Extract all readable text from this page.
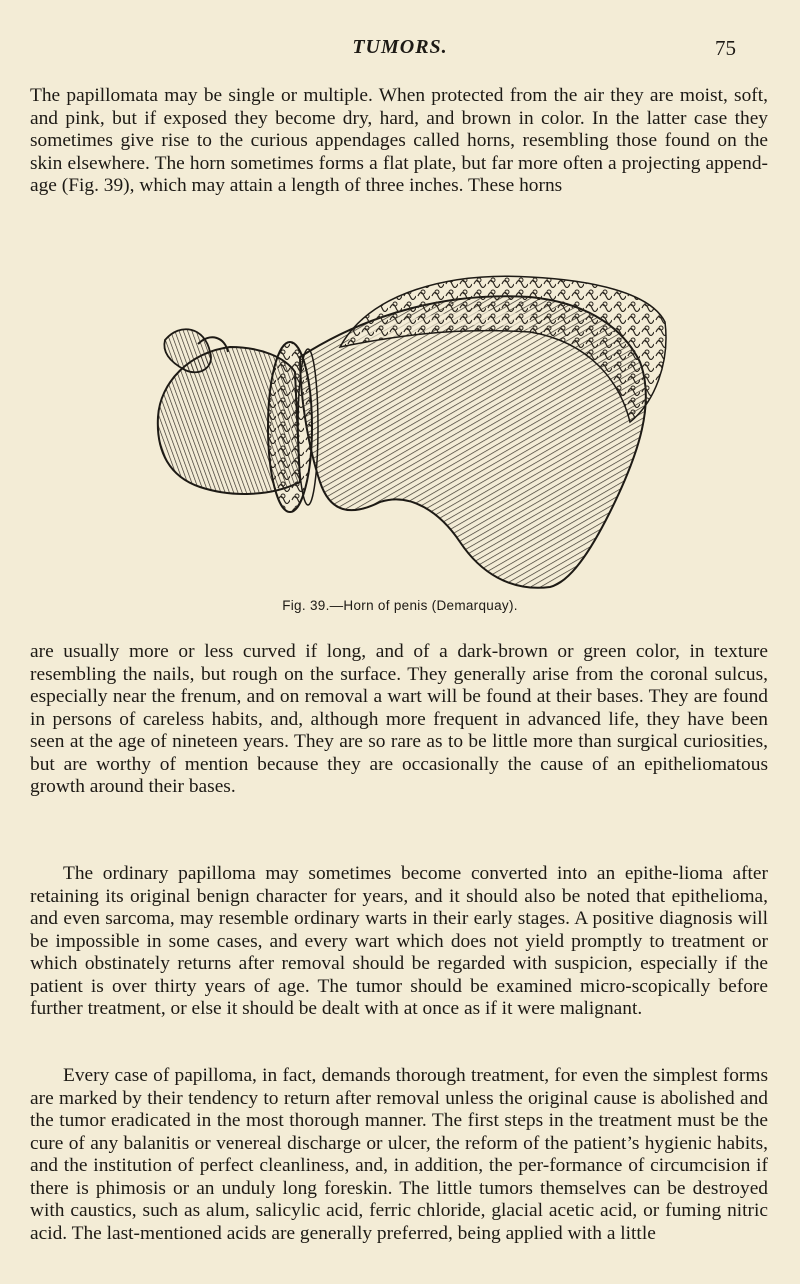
TUMORS.	75

The papillomata may be single or multiple. When protected from the air they are moist, soft, and pink, but if exposed they become dry, hard, and brown in color. In the latter case they sometimes give rise to the curious appendages called horns, resembling those found on the skin elsewhere. The horn sometimes forms a flat plate, but far more often a projecting append-age (Fig. 39), which may attain a length of three inches. These horns

Fig. 39.—Horn of penis (Demarquay).

are usually more or less curved if long, and of a dark-brown or green color, in texture resembling the nails, but rough on the surface. They generally arise from the coronal sulcus, especially near the frenum, and on removal a wart will be found at their bases. They are found in persons of careless habits, and, although more frequent in advanced life, they have been seen at the age of nineteen years. They are so rare as to be little more than surgical curiosities, but are worthy of mention because they are occasionally the cause of an epitheliomatous growth around their bases.

The ordinary papilloma may sometimes become converted into an epithe-lioma after retaining its original benign character for years, and it should also be noted that epithelioma, and even sarcoma, may resemble ordinary warts in their early stages. A positive diagnosis will be impossible in some cases, and every wart which does not yield promptly to treatment or which obstinately returns after removal should be regarded with suspicion, especially if the patient is over thirty years of age. The tumor should be examined micro-scopically before further treatment, or else it should be dealt with at once as if it were malignant.

Every case of papilloma, in fact, demands thorough treatment, for even the simplest forms are marked by their tendency to return after removal unless the original cause is abolished and the tumor eradicated in the most thorough manner. The first steps in the treatment must be the cure of any balanitis or venereal discharge or ulcer, the reform of the patient’s hygienic habits, and the institution of perfect cleanliness, and, in addition, the per-formance of circumcision if there is phimosis or an unduly long foreskin. The little tumors themselves can be destroyed with caustics, such as alum, salicylic acid, ferric chloride, glacial acetic acid, or fuming nitric acid. The last-mentioned acids are generally preferred, being applied with a little
